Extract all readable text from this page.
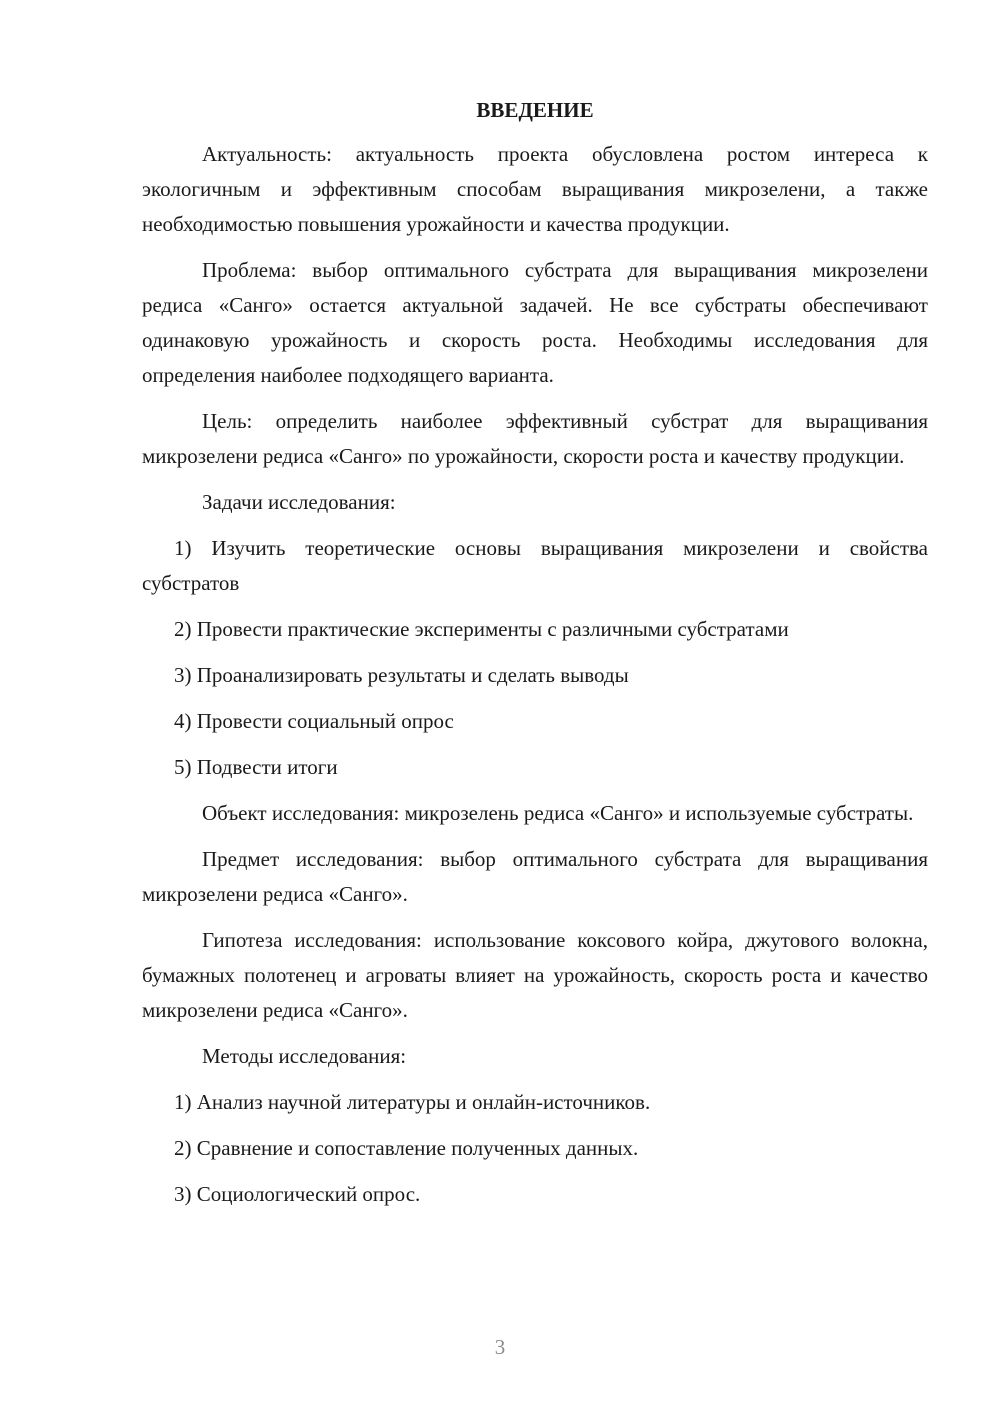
ВВЕДЕНИЕ

Актуальность: актуальность проекта обусловлена ростом интереса к экологичным и эффективным способам выращивания микрозелени, а также необходимостью повышения урожайности и качества продукции.

Проблема: выбор оптимального субстрата для выращивания микрозелени редиса «Санго» остается актуальной задачей. Не все субстраты обеспечивают одинаковую урожайность и скорость роста. Необходимы исследования для определения наиболее подходящего варианта.

Цель: определить наиболее эффективный субстрат для выращивания микрозелени редиса «Санго» по урожайности, скорости роста и качеству продукции.

Задачи исследования:

1) Изучить теоретические основы выращивания микрозелени и свойства субстратов

2) Провести практические эксперименты с различными субстратами

3) Проанализировать результаты и сделать выводы

4) Провести социальный опрос

5) Подвести итоги

Объект исследования: микрозелень редиса «Санго» и используемые субстраты.

Предмет исследования: выбор оптимального субстрата для выращивания микрозелени редиса «Санго».

Гипотеза исследования: использование коксового койра, джутового волокна, бумажных полотенец и агроваты влияет на урожайность, скорость роста и качество микрозелени редиса «Санго».

Методы исследования:

1) Анализ научной литературы и онлайн-источников.

2) Сравнение и сопоставление полученных данных.

3) Социологический опрос.

3
